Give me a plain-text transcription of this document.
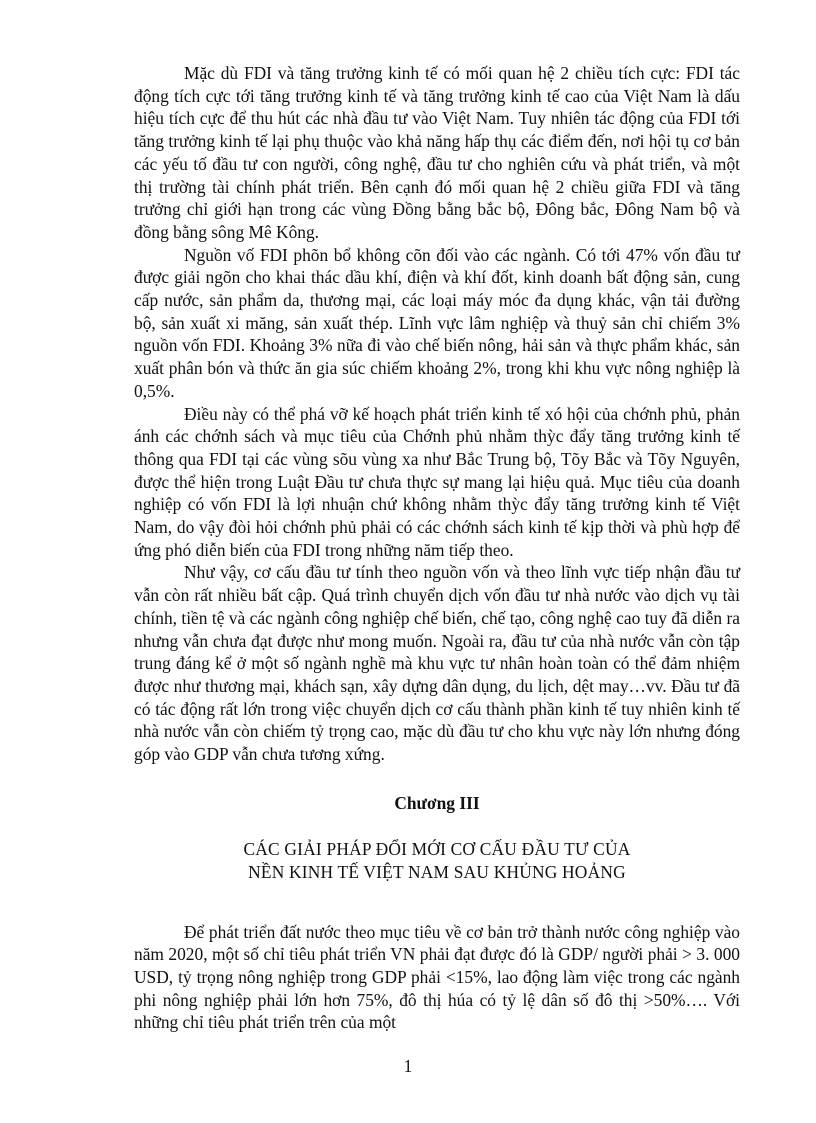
Mặc dù FDI và tăng trưởng kinh tế có mối quan hệ 2 chiều tích cực: FDI tác động tích cực tới tăng trưởng kinh tế và tăng trưởng kinh tế cao của Việt Nam là dấu hiệu tích cực để thu hút các nhà đầu tư vào Việt Nam. Tuy nhiên tác động của FDI tới tăng trưởng kinh tế lại phụ thuộc vào khả năng hấp thụ các điểm đến, nơi hội tụ cơ bản các yếu tố đầu tư con người, công nghệ, đầu tư cho nghiên cứu và phát triển, và một thị trường tài chính phát triển. Bên cạnh đó mối quan hệ 2 chiều giữa FDI và tăng trưởng chỉ giới hạn trong các vùng Đồng bằng bắc bộ, Đông bắc, Đông Nam bộ và đồng bằng sông Mê Kông.

Nguồn vố FDI phõn bổ không cõn đối vào các ngành. Có tới 47% vốn đầu tư được giải ngõn cho khai thác dầu khí, điện và khí đốt, kinh doanh bất động sản, cung cấp nước, sản phẩm da, thương mại, các loại máy móc đa dụng khác, vận tải đường bộ, sản xuất xi măng, sản xuất thép. Lĩnh vực lâm nghiệp và thuỷ sản chỉ chiếm 3% nguồn vốn FDI. Khoảng 3% nữa đi vào chế biến nông, hải sản và thực phẩm khác, sản xuất phân bón và thức ăn gia súc chiếm khoảng 2%, trong khi khu vực nông nghiệp là 0,5%.

Điều này có thể phá vỡ kế hoạch phát triển kinh tế xó hội của chớnh phủ, phản ánh các chớnh sách và mục tiêu của Chớnh phủ nhằm thỳc đẩy tăng trưởng kinh tế thông qua FDI tại các vùng sõu vùng xa như Bắc Trung bộ, Tõy Bắc và Tõy Nguyên, được thể hiện trong Luật Đầu tư chưa thực sự mang lại hiệu quả. Mục tiêu của doanh nghiệp có vốn FDI là lợi nhuận chứ không nhằm thỳc đẩy tăng trưởng kinh tế Việt Nam, do vậy đòi hỏi chớnh phủ phải có các chớnh sách kinh tế kịp thời và phù hợp để ứng phó diễn biến của FDI trong những năm tiếp theo.

Như vậy, cơ cấu đầu tư tính theo nguồn vốn và theo lĩnh vực tiếp nhận đầu tư vẫn còn rất nhiều bất cập. Quá trình chuyển dịch vốn đầu tư nhà nước vào dịch vụ tài chính, tiền tệ và các ngành công nghiệp chế biến, chế tạo, công nghệ cao tuy đã diễn ra nhưng vẫn chưa đạt được như mong muốn. Ngoài ra, đầu tư của nhà nước vẫn còn tập trung đáng kể ở một số ngành nghề mà khu vực tư nhân hoàn toàn có thể đảm nhiệm được như thương mại, khách sạn, xây dựng dân dụng, du lịch, dệt may…vv. Đầu tư đã có tác động rất lớn trong việc chuyển dịch cơ cấu thành phần kinh tế tuy nhiên kinh tế nhà nước vẫn còn chiếm tỷ trọng cao, mặc dù đầu tư cho khu vực này lớn nhưng đóng góp vào GDP vẫn chưa tương xứng.

Chương III
CÁC GIẢI PHÁP ĐỔI MỚI CƠ CẤU ĐẦU TƯ CỦA
NỀN KINH TẾ VIỆT NAM SAU KHỦNG HOẢNG

Để phát triển đất nước theo mục tiêu về cơ bản trở thành nước công nghiệp vào năm 2020, một số chỉ tiêu phát triển VN phải đạt được đó là GDP/ người phải > 3. 000 USD, tỷ trọng nông nghiệp trong GDP phải <15%, lao động làm việc trong các ngành phi nông nghiệp phải lớn hơn 75%, đô thị húa có tỷ lệ dân số đô thị >50%…. Với những chỉ tiêu phát triển trên của một

1
